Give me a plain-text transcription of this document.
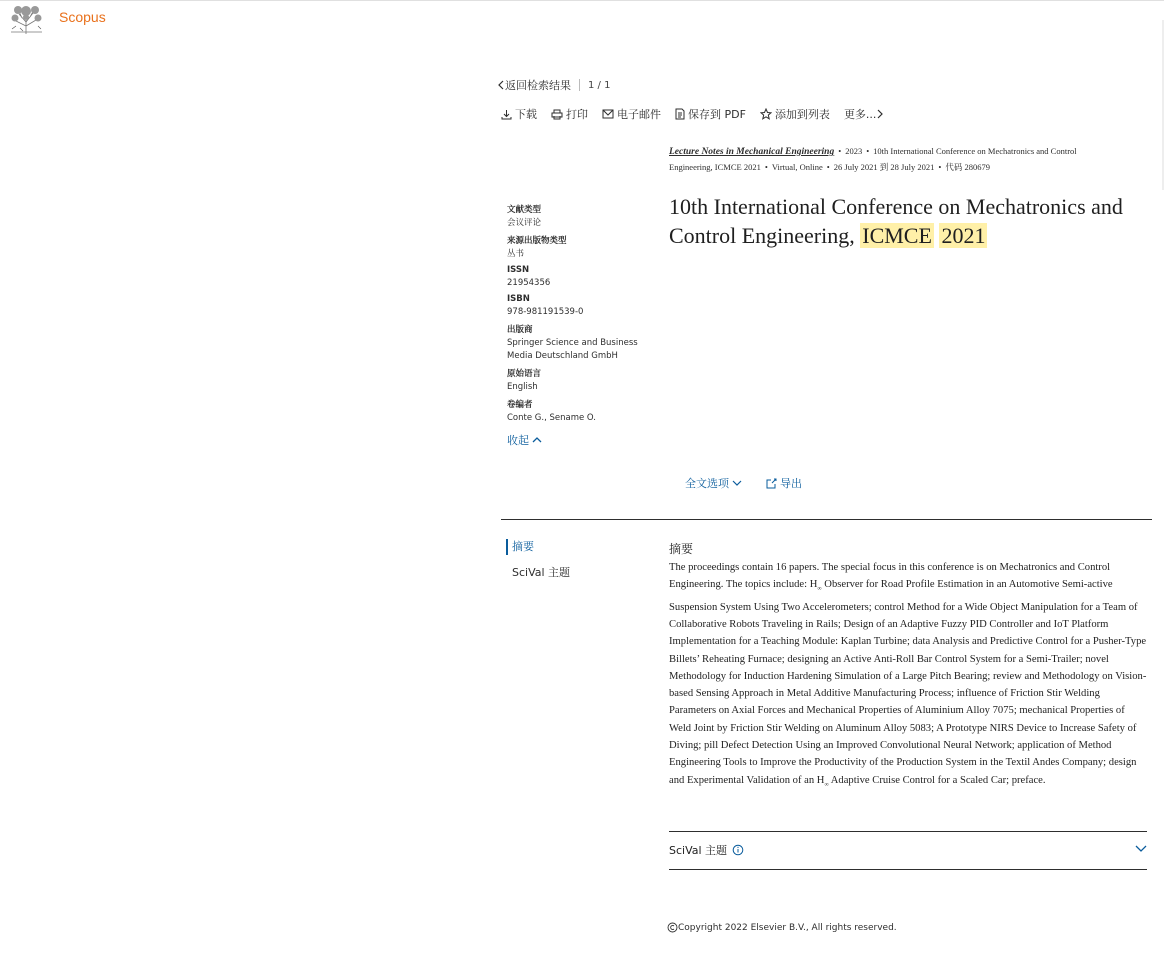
Scopus
返回检索结果 1 / 1
下载	打印	电子邮件 保存到 PDF	添加到列表 更多...
Lecture Notes in Mechanical Engineering • 2023 • 10th International Conference on Mechatronics and Control
Engineering, ICMCE 2021 • Virtual, Online • 26 July 2021 到 28 July 2021 • 代码 280679
文献类型
会议评论
来源出版物类型
丛书
ISSN
21954356
ISBN
978-981191539-0
出版商
Springer Science and Business Media Deutschland GmbH
原始语言
English
卷编者
Conte G., Sename O.
收起
10th International Conference on Mechatronics and Control Engineering, ICMCE 2021
全文选项	导出
摘要
SciVal 主题
摘要

The proceedings contain 16 papers. The special focus in this conference is on Mechatronics and Control Engineering. The topics include: $H_\infty$ Observer for Road Profile Estimation in an Automotive Semi-active Suspension System Using Two Accelerometers; control Method for a Wide Object Manipulation for a Team of Collaborative Robots Traveling in Rails; Design of an Adaptive Fuzzy PID Controller and IoT Platform Implementation for a Teaching Module: Kaplan Turbine; data Analysis and Predictive Control for a Pusher-Type Billets’ Reheating Furnace; designing an Active Anti-Roll Bar Control System for a Semi-Trailer; novel Methodology for Induction Hardening Simulation of a Large Pitch Bearing; review and Methodology on Vision-based Sensing Approach in Metal Additive Manufacturing Process; influence of Friction Stir Welding Parameters on Axial Forces and Mechanical Properties of Aluminium Alloy 7075; mechanical Properties of Weld Joint by Friction Stir Welding on Aluminum Alloy 5083; A Prototype NIRS Device to Increase Safety of Diving; pill Defect Detection Using an Improved Convolutional Neural Network; application of Method Engineering Tools to Improve the Productivity of the Production System in the Textil Andes Company; design and Experimental Validation of an $H_\infty$ Adaptive Cruise Control for a Scaled Car; preface.

SciVal 主题
Copyright 2022 Elsevier B.V., All rights reserved.
